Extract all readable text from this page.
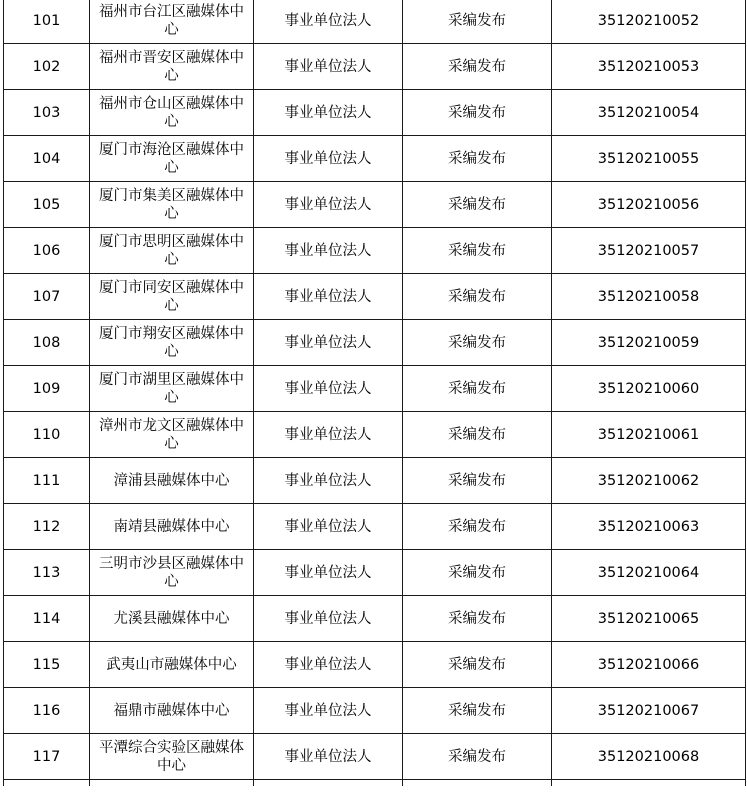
101	福州市台江区融媒体中心	事业单位法人	采编发布	35120210052
102	福州市晋安区融媒体中心	事业单位法人	采编发布	35120210053
103	福州市仓山区融媒体中心	事业单位法人	采编发布	35120210054
104	厦门市海沧区融媒体中心	事业单位法人	采编发布	35120210055
105	厦门市集美区融媒体中心	事业单位法人	采编发布	35120210056
106	厦门市思明区融媒体中心	事业单位法人	采编发布	35120210057
107	厦门市同安区融媒体中心	事业单位法人	采编发布	35120210058
108	厦门市翔安区融媒体中心	事业单位法人	采编发布	35120210059
109	厦门市湖里区融媒体中心	事业单位法人	采编发布	35120210060
110	漳州市龙文区融媒体中心	事业单位法人	采编发布	35120210061
111	漳浦县融媒体中心	事业单位法人	采编发布	35120210062
112	南靖县融媒体中心	事业单位法人	采编发布	35120210063
113	三明市沙县区融媒体中心	事业单位法人	采编发布	35120210064
114	尤溪县融媒体中心	事业单位法人	采编发布	35120210065
115	武夷山市融媒体中心	事业单位法人	采编发布	35120210066
116	福鼎市融媒体中心	事业单位法人	采编发布	35120210067
117	平潭综合实验区融媒体中心	事业单位法人	采编发布	35120210068
